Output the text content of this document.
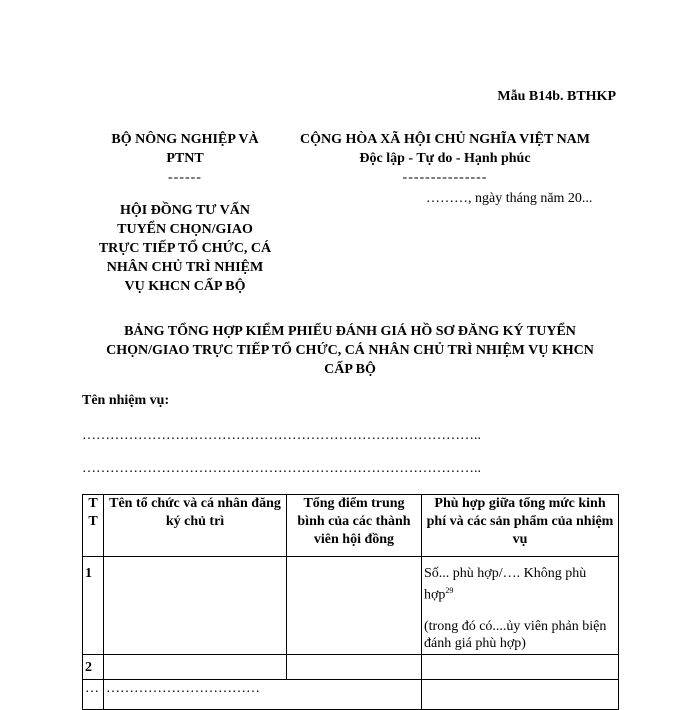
Mẫu B14b. BTHKP
BỘ NÔNG NGHIỆP VÀ
PTNT
------
HỘI ĐỒNG TƯ VẤN
TUYỂN CHỌN/GIAO
TRỰC TIẾP TỔ CHỨC, CÁ
NHÂN CHỦ TRÌ NHIỆM
VỤ KHCN CẤP BỘ
CỘNG HÒA XÃ HỘI CHỦ NGHĨA VIỆT NAM
Độc lập - Tự do - Hạnh phúc
---------------
………, ngày tháng năm 20...
BẢNG TỔNG HỢP KIỂM PHIẾU ĐÁNH GIÁ HỒ SƠ ĐĂNG KÝ TUYỂN
CHỌN/GIAO TRỰC TIẾP TỔ CHỨC, CÁ NHÂN CHỦ TRÌ NHIỆM VỤ KHCN
CẤP BỘ
Tên nhiệm vụ:
…………………………………………………………………………..
…………………………………………………………………………..
TT	Tên tổ chức và cá nhân đăng ký chủ trì	Tổng điểm trung bình của các thành viên hội đồng	Phù hợp giữa tổng mức kinh phí và các sản phẩm của nhiệm vụ
1			Số... phù hợp/…. Không phù hợp$^{29}$
(trong đó có....ủy viên phản biện đánh giá phù hợp)

2			
…	……………………………		
